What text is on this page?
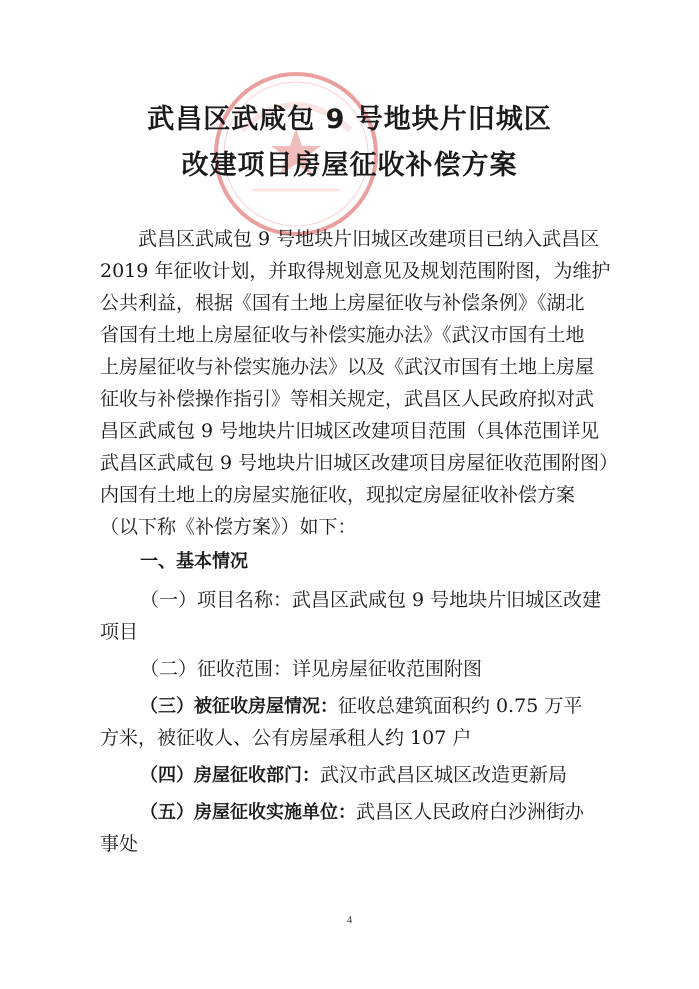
武昌区武咸包 9 号地块片旧城区
改建项目房屋征收补偿方案
　　武昌区武咸包 9 号地块片旧城区改建项目已纳入武昌区
2019 年征收计划，并取得规划意见及规划范围附图，为维护
公共利益，根据《国有土地上房屋征收与补偿条例》《湖北
省国有土地上房屋征收与补偿实施办法》《武汉市国有土地
上房屋征收与补偿实施办法》以及《武汉市国有土地上房屋
征收与补偿操作指引》等相关规定，武昌区人民政府拟对武
昌区武咸包 9 号地块片旧城区改建项目范围（具体范围详见
武昌区武咸包 9 号地块片旧城区改建项目房屋征收范围附图）
内国有土地上的房屋实施征收，现拟定房屋征收补偿方案
（以下称《补偿方案》）如下：
一、基本情况
（一）项目名称：武昌区武咸包 9 号地块片旧城区改建
项目
（二）征收范围：详见房屋征收范围附图
（三）被征收房屋情况：征收总建筑面积约 0.75 万平
方米，被征收人、公有房屋承租人约 107 户
（四）房屋征收部门：武汉市武昌区城区改造更新局
（五）房屋征收实施单位：武昌区人民政府白沙洲街办
事处
4
